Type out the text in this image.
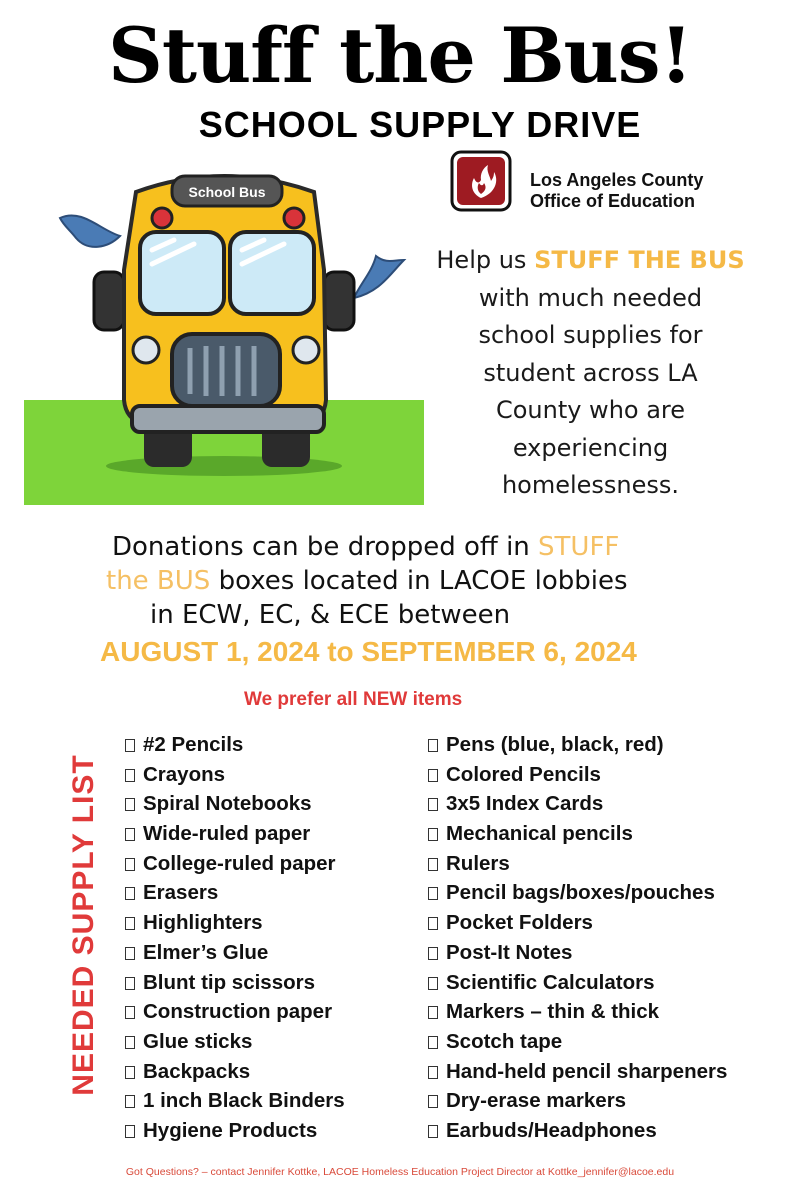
Stuff the Bus!
SCHOOL SUPPLY DRIVE
Los Angeles County
Office of Education
School Bus
Help us STUFF THE BUS
with much needed
school supplies for
student across LA
County who are
experiencing
homelessness.
Donations can be dropped off in STUFF
the BUS boxes located in LACOE lobbies
in ECW, EC, & ECE between
AUGUST 1, 2024 to SEPTEMBER 6, 2024
We prefer all NEW items
NEEDED SUPPLY LIST
#2 Pencils
Crayons
Spiral Notebooks
Wide-ruled paper
College-ruled paper
Erasers
Highlighters
Elmer’s Glue
Blunt tip scissors
Construction paper
Glue sticks
Backpacks
1 inch Black Binders
Hygiene Products
Pens (blue, black, red)
Colored Pencils
3x5 Index Cards
Mechanical pencils
Rulers
Pencil bags/boxes/pouches
Pocket Folders
Post-It Notes
Scientific Calculators
Markers – thin & thick
Scotch tape
Hand-held pencil sharpeners
Dry-erase markers
Earbuds/Headphones
Got Questions? – contact Jennifer Kottke, LACOE Homeless Education Project Director at Kottke_jennifer@lacoe.edu
